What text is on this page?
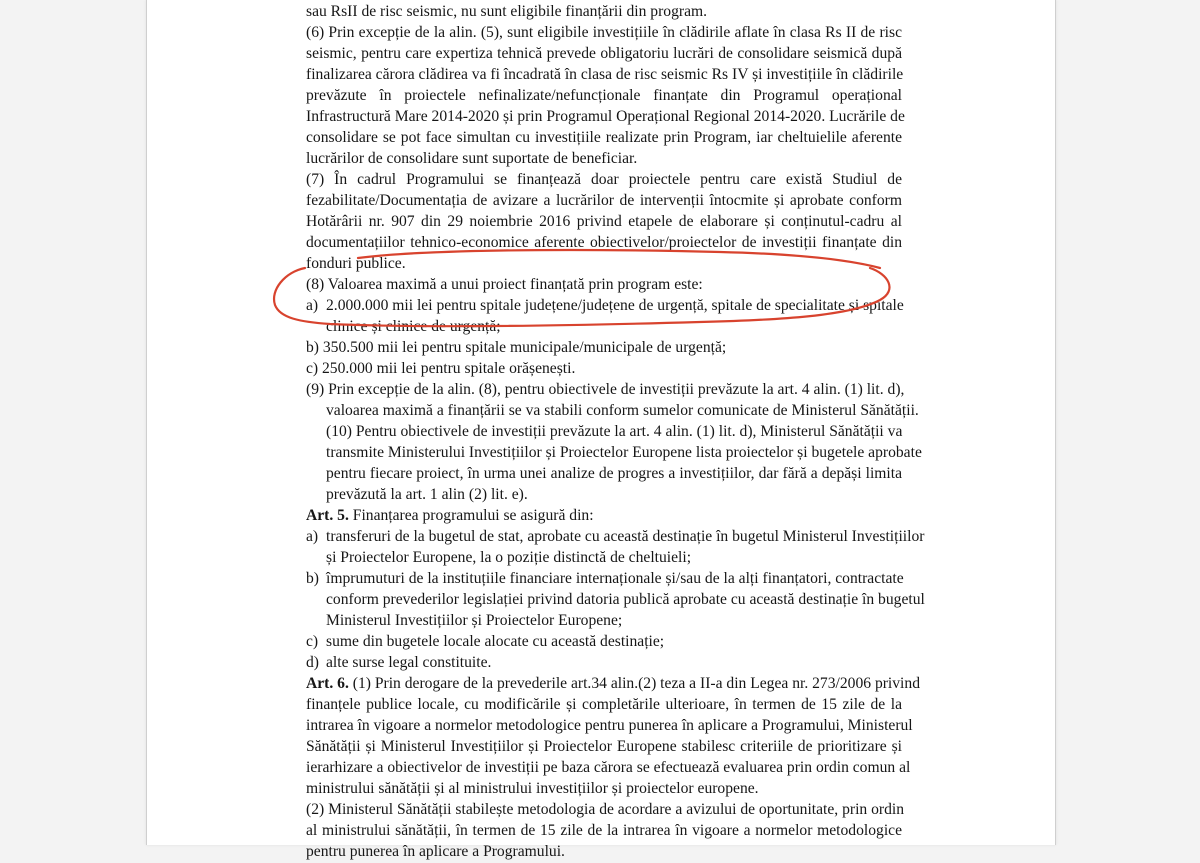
sau RsII de risc seismic, nu sunt eligibile finanțării din program.
(6) Prin excepție de la alin. (5), sunt eligibile investițiile în clădirile aflate în clasa Rs II de risc
seismic, pentru care expertiza tehnică prevede obligatoriu lucrări de consolidare seismică după
finalizarea cărora clădirea va fi încadrată în clasa de risc seismic Rs IV și investițiile în clădirile
prevăzute în proiectele nefinalizate/nefuncționale finanțate din Programul operațional
Infrastructură Mare 2014-2020 și prin Programul Operațional Regional 2014-2020. Lucrările de
consolidare se pot face simultan cu investițiile realizate prin Program, iar cheltuielile aferente
lucrărilor de consolidare sunt suportate de beneficiar.
(7) În cadrul Programului se finanțează doar proiectele pentru care există Studiul de
fezabilitate/Documentația de avizare a lucrărilor de intervenții întocmite și aprobate conform
Hotărârii nr. 907 din 29 noiembrie 2016 privind etapele de elaborare și conținutul-cadru al
documentațiilor tehnico-economice aferente obiectivelor/proiectelor de investiții finanțate din
fonduri publice.
(8) Valoarea maximă a unui proiect finanțată prin program este:
a) 2.000.000 mii lei pentru spitale județene/județene de urgență, spitale de specialitate și spitale
clinice și clinice de urgență;
b) 350.500 mii lei pentru spitale municipale/municipale de urgență;
c) 250.000 mii lei pentru spitale orășenești.
(9) Prin excepție de la alin. (8), pentru obiectivele de investiții prevăzute la art. 4 alin. (1) lit. d),
valoarea maximă a finanțării se va stabili conform sumelor comunicate de Ministerul Sănătății.
(10) Pentru obiectivele de investiții prevăzute la art. 4 alin. (1) lit. d), Ministerul Sănătății va
transmite Ministerului Investițiilor și Proiectelor Europene lista proiectelor și bugetele aprobate
pentru fiecare proiect, în urma unei analize de progres a investițiilor, dar fără a depăși limita
prevăzută la art. 1 alin (2) lit. e).
Art. 5. Finanțarea programului se asigură din:
a) transferuri de la bugetul de stat, aprobate cu această destinație în bugetul Ministerul Investițiilor
și Proiectelor Europene, la o poziție distinctă de cheltuieli;
b) împrumuturi de la instituțiile financiare internaționale și/sau de la alți finanțatori, contractate
conform prevederilor legislației privind datoria publică aprobate cu această destinație în bugetul
Ministerul Investițiilor și Proiectelor Europene;
c) sume din bugetele locale alocate cu această destinație;
d) alte surse legal constituite.
Art. 6. (1) Prin derogare de la prevederile art.34 alin.(2) teza a II-a din Legea nr. 273/2006 privind
finanțele publice locale, cu modificările și completările ulterioare, în termen de 15 zile de la
intrarea în vigoare a normelor metodologice pentru punerea în aplicare a Programului, Ministerul
Sănătății și Ministerul Investițiilor și Proiectelor Europene stabilesc criteriile de prioritizare și
ierarhizare a obiectivelor de investiții pe baza cărora se efectuează evaluarea prin ordin comun al
ministrului sănătății și al ministrului investițiilor și proiectelor europene.
(2) Ministerul Sănătății stabilește metodologia de acordare a avizului de oportunitate, prin ordin
al ministrului sănătății, în termen de 15 zile de la intrarea în vigoare a normelor metodologice
pentru punerea în aplicare a Programului.
